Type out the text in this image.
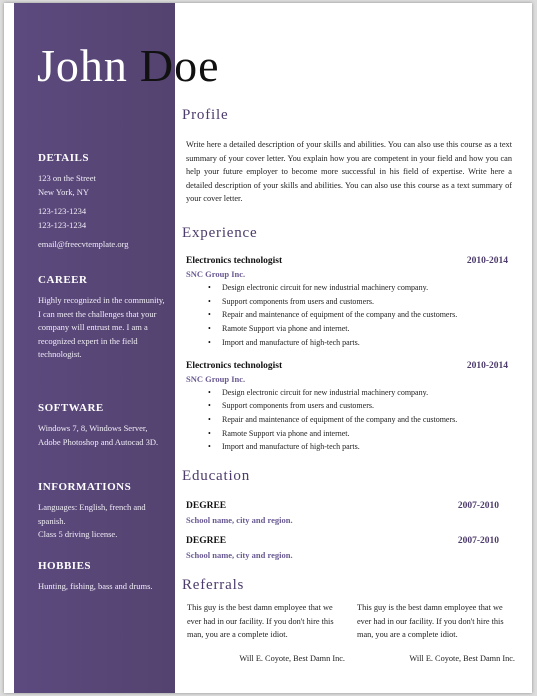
John Doe
DETAILS
123 on the Street
New York, NY
123-123-1234
123-123-1234
email@freecvtemplate.org
CAREER
Highly recognized in the community, I can meet the challenges that your company will entrust me. I am a recognized expert in the field technologist.
SOFTWARE
Windows 7, 8, Windows Server, Adobe Photoshop and Autocad 3D.
INFORMATIONS
Languages: English, french and spanish.
Class 5 driving license.
HOBBIES
Hunting, fishing, bass and drums.
Profile
Write here a detailed description of your skills and abilities. You can also use this course as a text summary of your cover letter. You explain how you are competent in your field and how you can help your future employer to become more successful in his field of expertise. Write here a detailed description of your skills and abilities. You can also use this course as a text summary of your cover letter.
Experience
Electronics technologist	2010-2014
SNC Group Inc.
• Design electronic circuit for new industrial machinery company.
• Support components from users and customers.
• Repair and maintenance of equipment of the company and the customers.
• Ramote Support via phone and internet.
• Import and manufacture of high-tech parts.
Electronics technologist	2010-2014
SNC Group Inc.
• Design electronic circuit for new industrial machinery company.
• Support components from users and customers.
• Repair and maintenance of equipment of the company and the customers.
• Ramote Support via phone and internet.
• Import and manufacture of high-tech parts.
Education
DEGREE	2007-2010
School name, city and region.
DEGREE	2007-2010
School name, city and region.
Referrals
This guy is the best damn employee that we ever had in our facility. If you don't hire this man, you are a complete idiot.
Will E. Coyote, Best Damn Inc.
This guy is the best damn employee that we ever had in our facility. If you don't hire this man, you are a complete idiot.
Will E. Coyote, Best Damn Inc.
